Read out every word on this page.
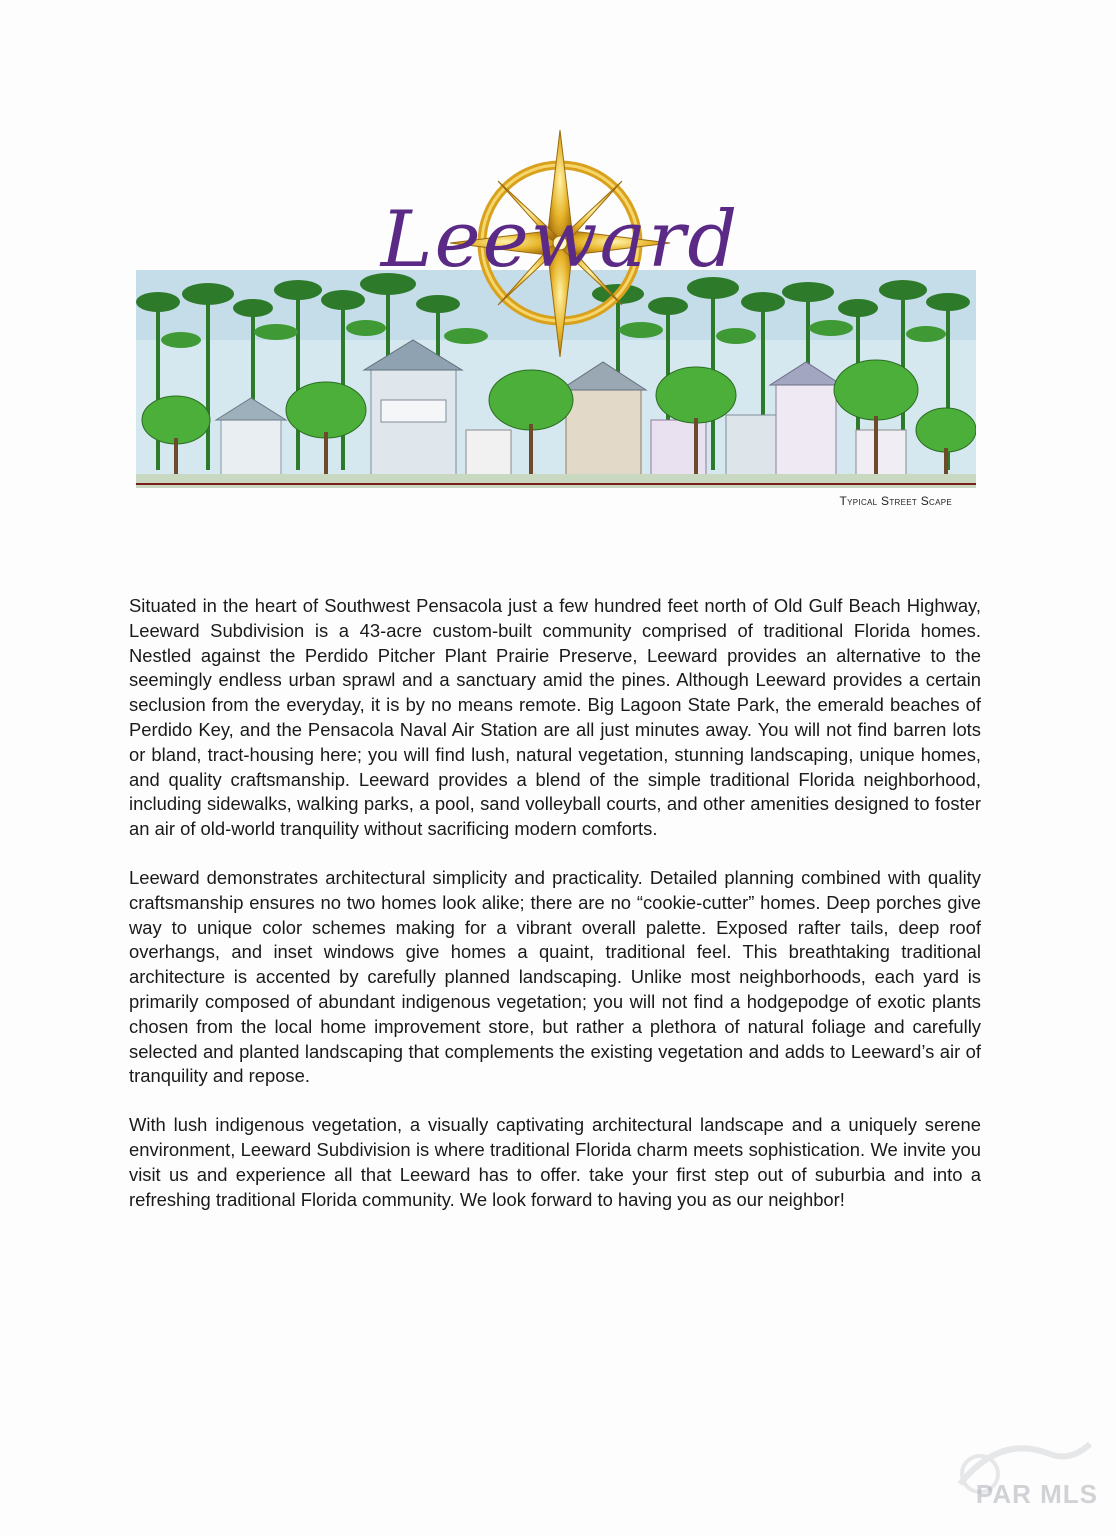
Leeward
Typical Street Scape

Situated in the heart of Southwest Pensacola just a few hundred feet north of Old Gulf Beach Highway, Leeward Subdivision is a 43-acre custom-built community comprised of traditional Florida homes. Nestled against the Perdido Pitcher Plant Prairie Preserve, Leeward provides an alternative to the seemingly endless urban sprawl and a sanctuary amid the pines. Although Leeward provides a certain seclusion from the everyday, it is by no means remote. Big Lagoon State Park, the emerald beaches of Perdido Key, and the Pensacola Naval Air Station are all just minutes away. You will not find barren lots or bland, tract-housing here; you will find lush, natural vegetation, stunning landscaping, unique homes, and quality craftsmanship. Leeward provides a blend of the simple traditional Florida neighborhood, including sidewalks, walking parks, a pool, sand volleyball courts, and other amenities designed to foster an air of old-world tranquility without sacrificing modern comforts.

Leeward demonstrates architectural simplicity and practicality. Detailed planning combined with quality craftsmanship ensures no two homes look alike; there are no “cookie-cutter” homes. Deep porches give way to unique color schemes making for a vibrant overall palette. Exposed rafter tails, deep roof overhangs, and inset windows give homes a quaint, traditional feel. This breathtaking traditional architecture is accented by carefully planned landscaping. Unlike most neighborhoods, each yard is primarily composed of abundant indigenous vegetation; you will not find a hodgepodge of exotic plants chosen from the local home improvement store, but rather a plethora of natural foliage and carefully selected and planted landscaping that complements the existing vegetation and adds to Leeward’s air of tranquility and repose.

With lush indigenous vegetation, a visually captivating architectural landscape and a uniquely serene environment, Leeward Subdivision is where traditional Florida charm meets sophistication. We invite you visit us and experience all that Leeward has to offer. take your first step out of suburbia and into a refreshing traditional Florida community. We look forward to having you as our neighbor!

PAR MLS
